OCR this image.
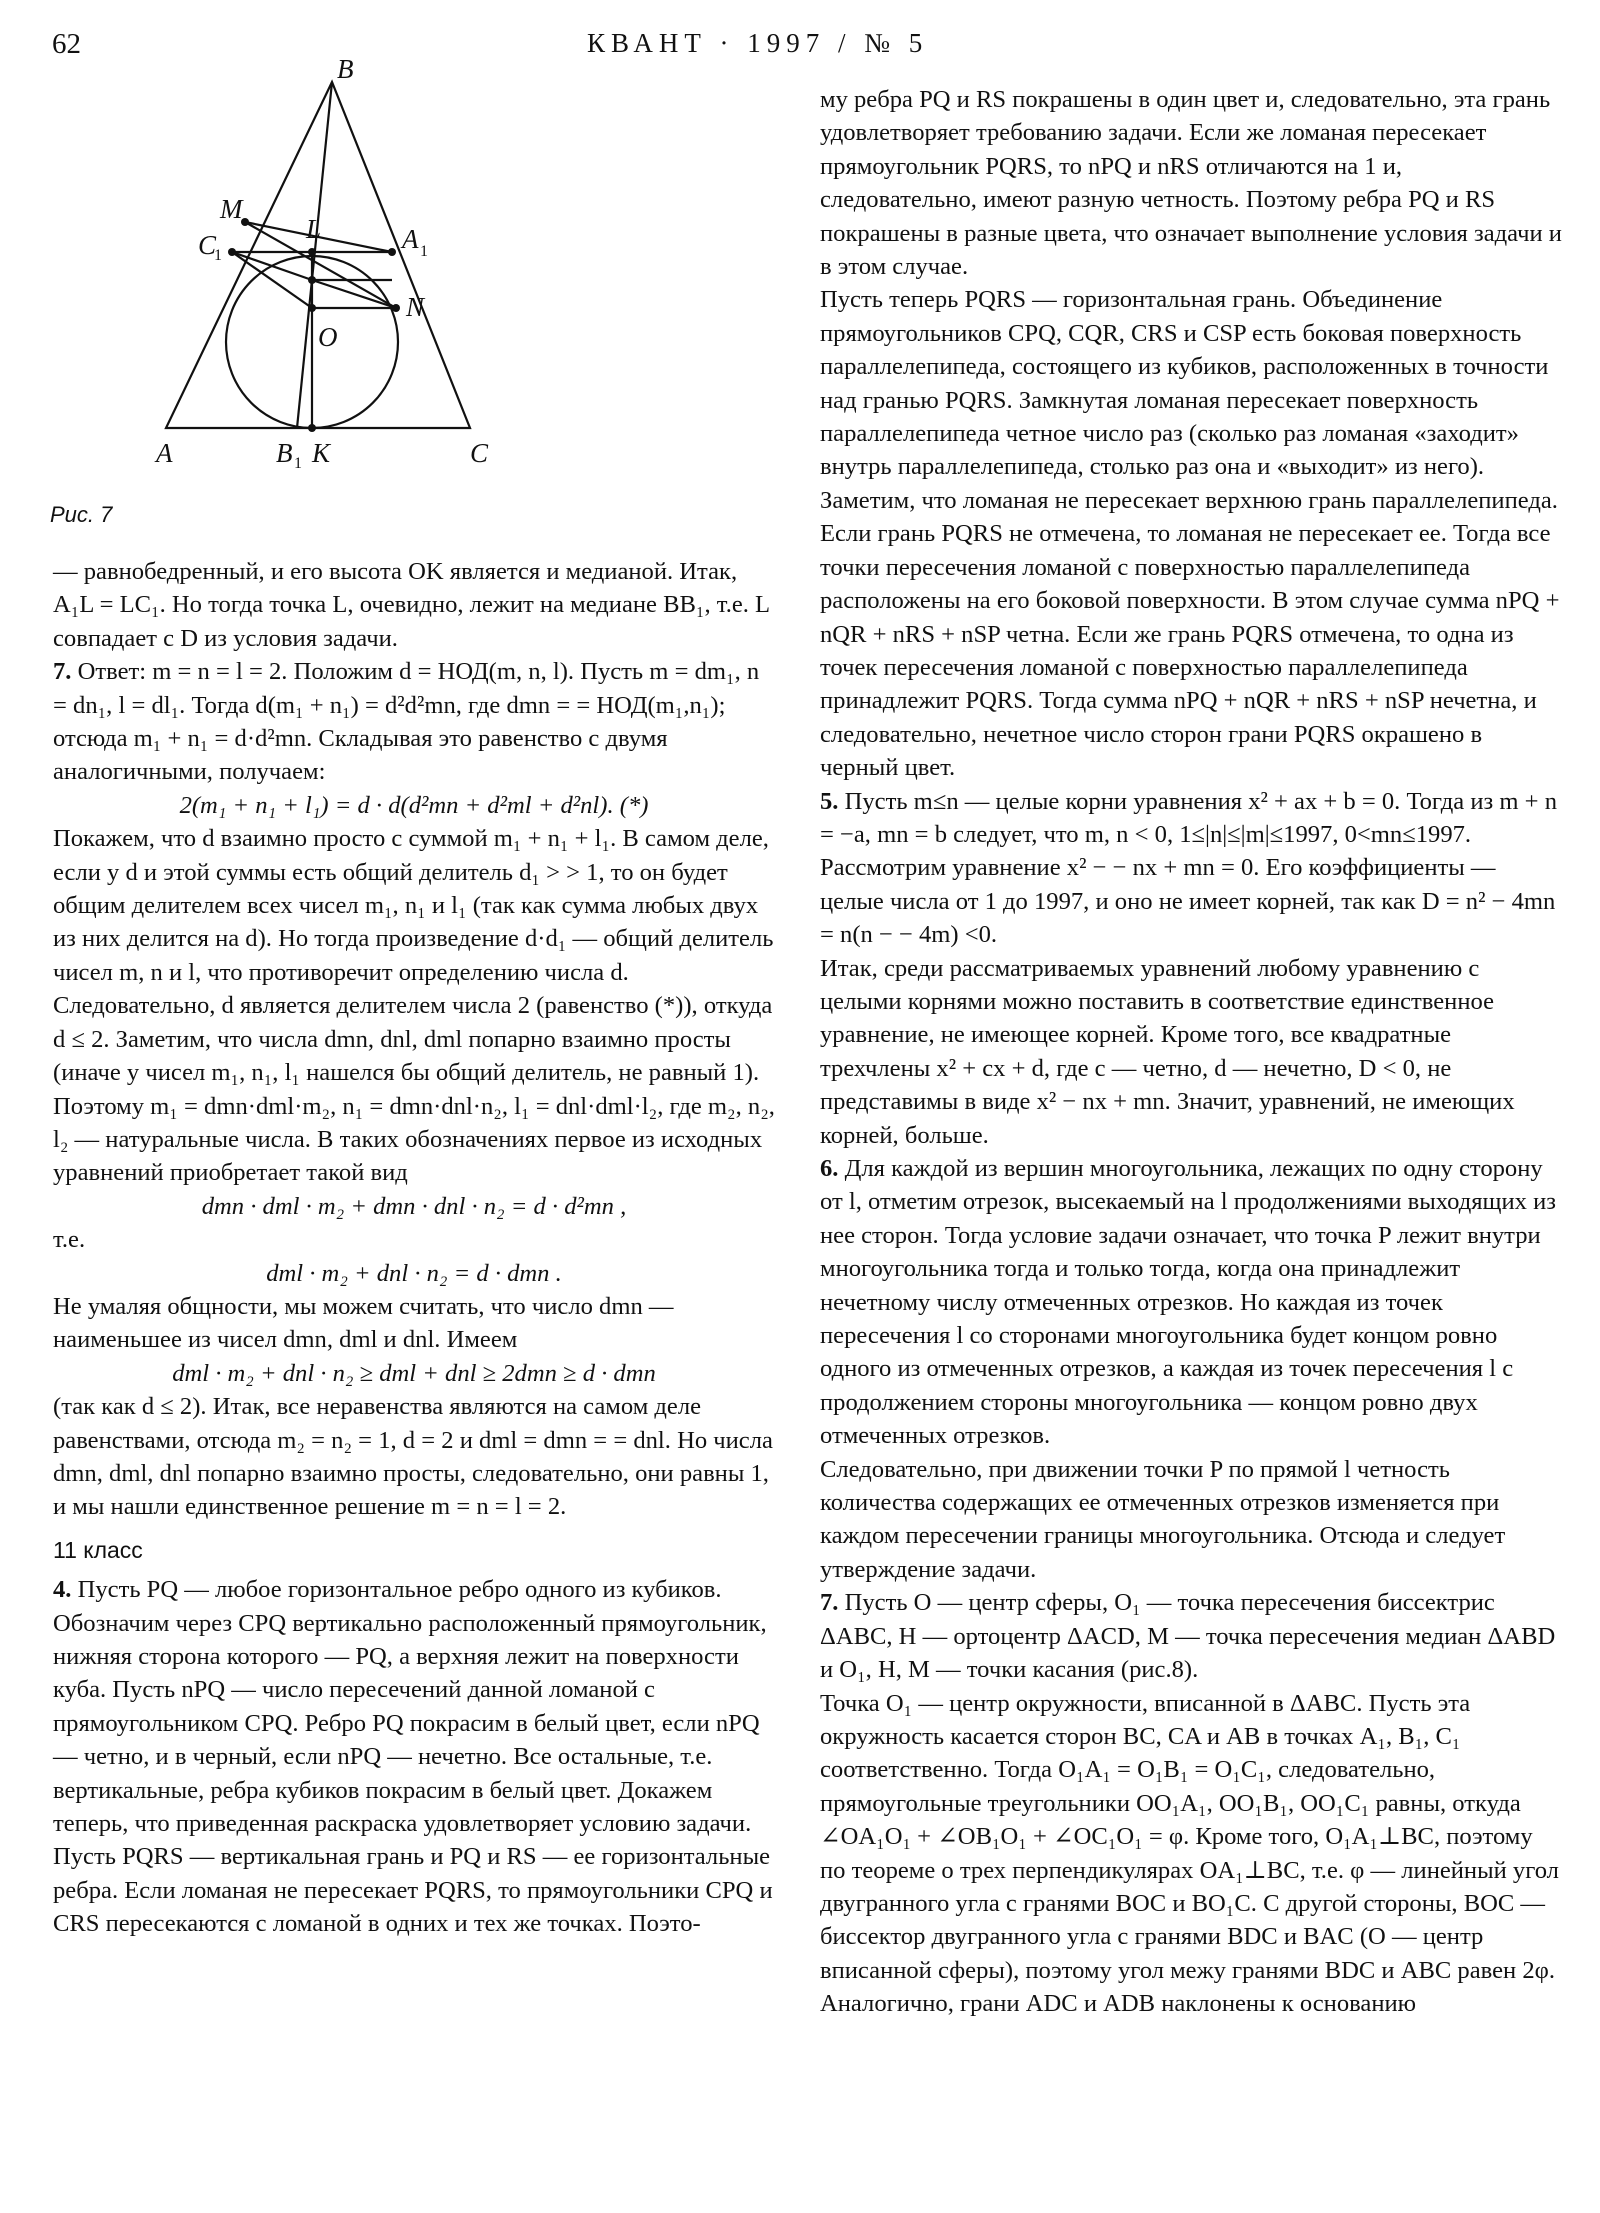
62	КВАНТ · 1997 / № 5
B
M
C
1
L	A 1
N
O
A	B 1 K	C
Рис. 7

— равнобедренный, и его высота OK является и медианой. Итак, A₁L = LC₁. Но тогда точка L, очевидно, лежит на медиане BB₁, т.е. L совпадает с D из условия задачи.

7. Ответ: m = n = l = 2. Положим d = НОД(m, n, l). Пусть m = dm₁, n = dn₁, l = dl₁. Тогда d(m₁ + n₁) = d²d²mn, где dmn = = НОД(m₁,n₁); отсюда m₁ + n₁ = d·d²mn. Складывая это равенство с двумя аналогичными, получаем:

2(m₁ + n₁ + l₁) = d · d(d²mn + d²ml + d²nl). (*)

Покажем, что d взаимно просто с суммой m₁ + n₁ + l₁. В самом деле, если у d и этой суммы есть общий делитель d₁ > > 1, то он будет общим делителем всех чисел m₁, n₁ и l₁ (так как сумма любых двух из них делится на d). Но тогда произведение d·d₁ — общий делитель чисел m, n и l, что противоречит определению числа d. Следовательно, d является делителем числа 2 (равенство (*)), откуда d ≤ 2. Заметим, что числа dmn, dnl, dml попарно взаимно просты (иначе у чисел m₁, n₁, l₁ нашелся бы общий делитель, не равный 1). Поэтому m₁ = dmn·dml·m₂, n₁ = dmn·dnl·n₂, l₁ = dnl·dml·l₂, где m₂, n₂, l₂ — натуральные числа. В таких обозначениях первое из исходных уравнений приобретает такой вид

dmn · dml · m₂ + dmn · dnl · n₂ = d · d²mn ,

т.е.

dml · m₂ + dnl · n₂ = d · dmn .

Не умаляя общности, мы можем считать, что число dmn — наименьшее из чисел dmn, dml и dnl. Имеем

dml · m₂ + dnl · n₂ ≥ dml + dnl ≥ 2dmn ≥ d · dmn

(так как d ≤ 2). Итак, все неравенства являются на самом деле равенствами, отсюда m₂ = n₂ = 1, d = 2 и dml = dmn = = dnl. Но числа dmn, dml, dnl попарно взаимно просты, следовательно, они равны 1, и мы нашли единственное решение m = n = l = 2.

11 класс

4. Пусть PQ — любое горизонтальное ребро одного из кубиков. Обозначим через CPQ вертикально расположенный прямоугольник, нижняя сторона которого — PQ, а верхняя лежит на поверхности куба. Пусть nPQ — число пересечений данной ломаной с прямоугольником CPQ. Ребро PQ покрасим в белый цвет, если nPQ — четно, и в черный, если nPQ — нечетно. Все остальные, т.е. вертикальные, ребра кубиков покрасим в белый цвет. Докажем теперь, что приведенная раскраска удовлетворяет условию задачи. Пусть PQRS — вертикальная грань и PQ и RS — ее горизонтальные ребра. Если ломаная не пересекает PQRS, то прямоугольники CPQ и CRS пересекаются с ломаной в одних и тех же точках. Поэто-

му ребра PQ и RS покрашены в один цвет и, следовательно, эта грань удовлетворяет требованию задачи. Если же ломаная пересекает прямоугольник PQRS, то nPQ и nRS отличаются на 1 и, следовательно, имеют разную четность. Поэтому ребра PQ и RS покрашены в разные цвета, что означает выполнение условия задачи и в этом случае.

Пусть теперь PQRS — горизонтальная грань. Объединение прямоугольников CPQ, CQR, CRS и CSP есть боковая поверхность параллелепипеда, состоящего из кубиков, расположенных в точности над гранью PQRS. Замкнутая ломаная пересекает поверхность параллелепипеда четное число раз (сколько раз ломаная «заходит» внутрь параллелепипеда, столько раз она и «выходит» из него).

Заметим, что ломаная не пересекает верхнюю грань параллелепипеда. Если грань PQRS не отмечена, то ломаная не пересекает ее. Тогда все точки пересечения ломаной с поверхностью параллелепипеда расположены на его боковой поверхности. В этом случае сумма nPQ + nQR + nRS + nSP четна. Если же грань PQRS отмечена, то одна из точек пересечения ломаной с поверхностью параллелепипеда принадлежит PQRS. Тогда сумма nPQ + nQR + nRS + nSP нечетна, и следовательно, нечетное число сторон грани PQRS окрашено в черный цвет.

5. Пусть m≤n — целые корни уравнения x² + ax + b = 0. Тогда из m + n = −a, mn = b следует, что m, n < 0, 1≤|n|≤|m|≤1997, 0<mn≤1997. Рассмотрим уравнение x² − − nx + mn = 0. Его коэффициенты — целые числа от 1 до 1997, и оно не имеет корней, так как D = n² − 4mn = n(n − − 4m) <0.

Итак, среди рассматриваемых уравнений любому уравнению с целыми корнями можно поставить в соответствие единственное уравнение, не имеющее корней. Кроме того, все квадратные трехчлены x² + cx + d, где c — четно, d — нечетно, D < 0, не представимы в виде x² − nx + mn. Значит, уравнений, не имеющих корней, больше.

6. Для каждой из вершин многоугольника, лежащих по одну сторону от l, отметим отрезок, высекаемый на l продолжениями выходящих из нее сторон. Тогда условие задачи означает, что точка P лежит внутри многоугольника тогда и только тогда, когда она принадлежит нечетному числу отмеченных отрезков. Но каждая из точек пересечения l со сторонами многоугольника будет концом ровно одного из отмеченных отрезков, а каждая из точек пересечения l с продолжением стороны многоугольника — концом ровно двух отмеченных отрезков.

Следовательно, при движении точки P по прямой l четность количества содержащих ее отмеченных отрезков изменяется при каждом пересечении границы многоугольника. Отсюда и следует утверждение задачи.

7. Пусть O — центр сферы, O₁ — точка пересечения биссектрис ΔABC, H — ортоцентр ΔACD, M — точка пересечения медиан ΔABD и O₁, H, M — точки касания (рис.8).

Точка O₁ — центр окружности, вписанной в ΔABC. Пусть эта окружность касается сторон BC, CA и AB в точках A₁, B₁, C₁ соответственно. Тогда O₁A₁ = O₁B₁ = O₁C₁, следовательно, прямоугольные треугольники OO₁A₁, OO₁B₁, OO₁C₁ равны, откуда ∠OA₁O₁ + ∠OB₁O₁ + ∠OC₁O₁ = φ. Кроме того, O₁A₁⊥BC, поэтому по теореме о трех перпендикулярах OA₁⊥BC, т.е. φ — линейный угол двугранного угла с гранями BOC и BO₁C. С другой стороны, BOC — биссектор двугранного угла с гранями BDC и BAC (O — центр вписанной сферы), поэтому угол межу гранями BDC и ABC равен 2φ. Аналогично, грани ADC и ADB наклонены к основанию
